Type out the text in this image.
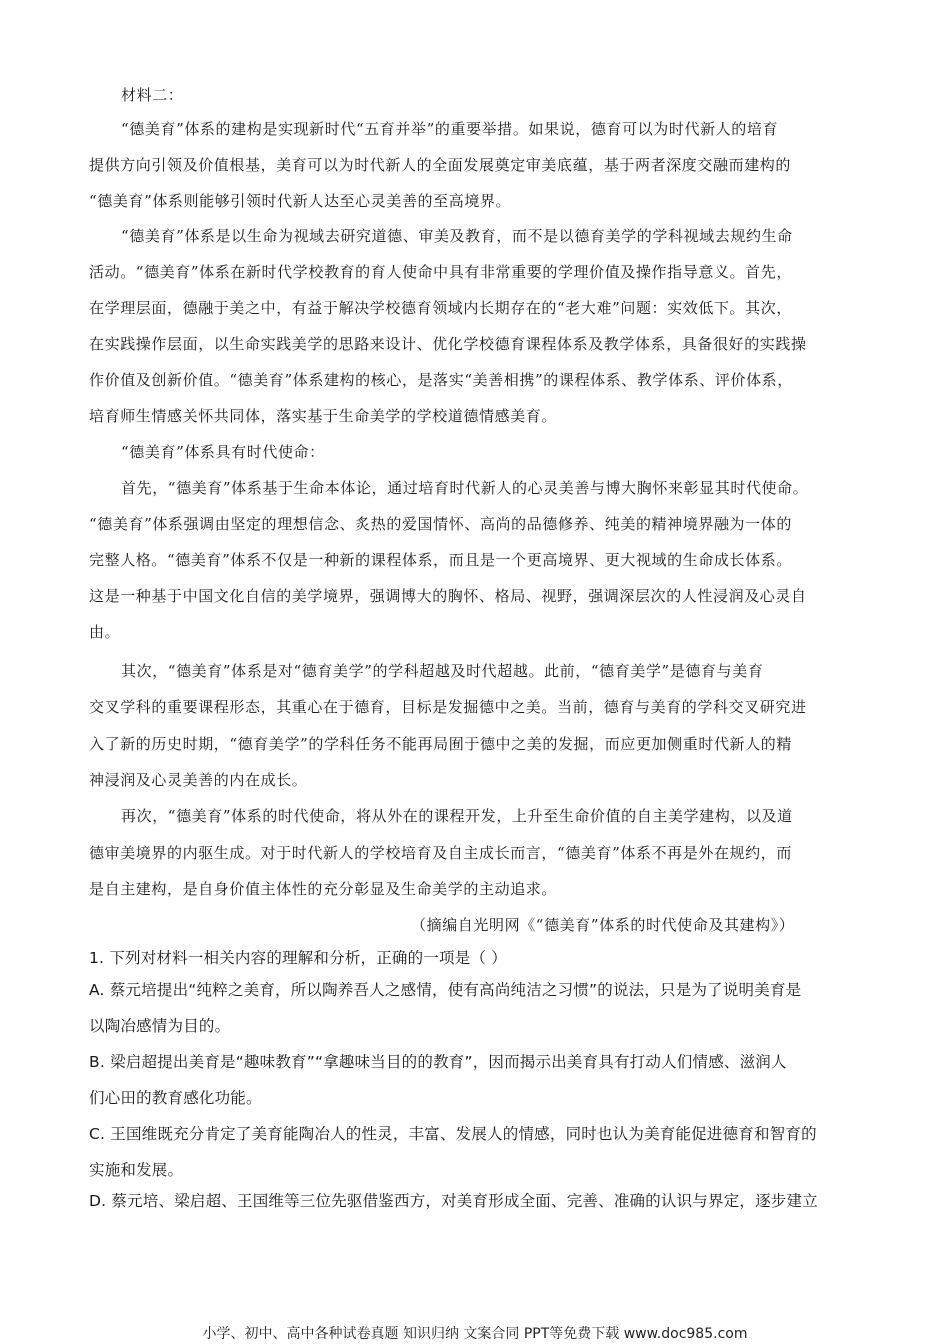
材料二：
“德美育”体系的建构是实现新时代“五育并举”的重要举措。如果说，德育可以为时代新人的培育
提供方向引领及价值根基，美育可以为时代新人的全面发展奠定审美底蕴，基于两者深度交融而建构的
“德美育”体系则能够引领时代新人达至心灵美善的至高境界。
“德美育”体系是以生命为视域去研究道德、审美及教育，而不是以德育美学的学科视域去规约生命
活动。“德美育”体系在新时代学校教育的育人使命中具有非常重要的学理价值及操作指导意义。首先，
在学理层面，德融于美之中，有益于解决学校德育领域内长期存在的“老大难”问题：实效低下。其次，
在实践操作层面，以生命实践美学的思路来设计、优化学校德育课程体系及教学体系，具备很好的实践操
作价值及创新价值。“德美育”体系建构的核心，是落实“美善相携”的课程体系、教学体系、评价体系，
培育师生情感关怀共同体，落实基于生命美学的学校道德情感美育。
“德美育”体系具有时代使命：
首先，“德美育”体系基于生命本体论，通过培育时代新人的心灵美善与博大胸怀来彰显其时代使命。
“德美育”体系强调由坚定的理想信念、炙热的爱国情怀、高尚的品德修养、纯美的精神境界融为一体的
完整人格。“德美育”体系不仅是一种新的课程体系，而且是一个更高境界、更大视域的生命成长体系。
这是一种基于中国文化自信的美学境界，强调博大的胸怀、格局、视野，强调深层次的人性浸润及心灵自
由。
其次，“德美育”体系是对“德育美学”的学科超越及时代超越。此前，“德育美学”是德育与美育
交叉学科的重要课程形态，其重心在于德育，目标是发掘德中之美。当前，德育与美育的学科交叉研究进
入了新的历史时期，“德育美学”的学科任务不能再局囿于德中之美的发掘，而应更加侧重时代新人的精
神浸润及心灵美善的内在成长。
再次，“德美育”体系的时代使命，将从外在的课程开发，上升至生命价值的自主美学建构，以及道
德审美境界的内驱生成。对于时代新人的学校培育及自主成长而言，“德美育”体系不再是外在规约，而
是自主建构，是自身价值主体性的充分彰显及生命美学的主动追求。
（摘编自光明网《“德美育”体系的时代使命及其建构》）
1. 下列对材料一相关内容的理解和分析，正确的一项是（ ）
A. 蔡元培提出“纯粹之美育，所以陶养吾人之感情，使有高尚纯洁之习惯”的说法，只是为了说明美育是
以陶冶感情为目的。
B. 梁启超提出美育是“趣味教育”“拿趣味当目的的教育”，因而揭示出美育具有打动人们情感、滋润人
们心田的教育感化功能。
C. 王国维既充分肯定了美育能陶冶人的性灵，丰富、发展人的情感，同时也认为美育能促进德育和智育的
实施和发展。
D. 蔡元培、梁启超、王国维等三位先驱借鉴西方，对美育形成全面、完善、准确的认识与界定，逐步建立
小学、初中、高中各种试卷真题 知识归纳 文案合同 PPT等免费下载 www.doc985.com
